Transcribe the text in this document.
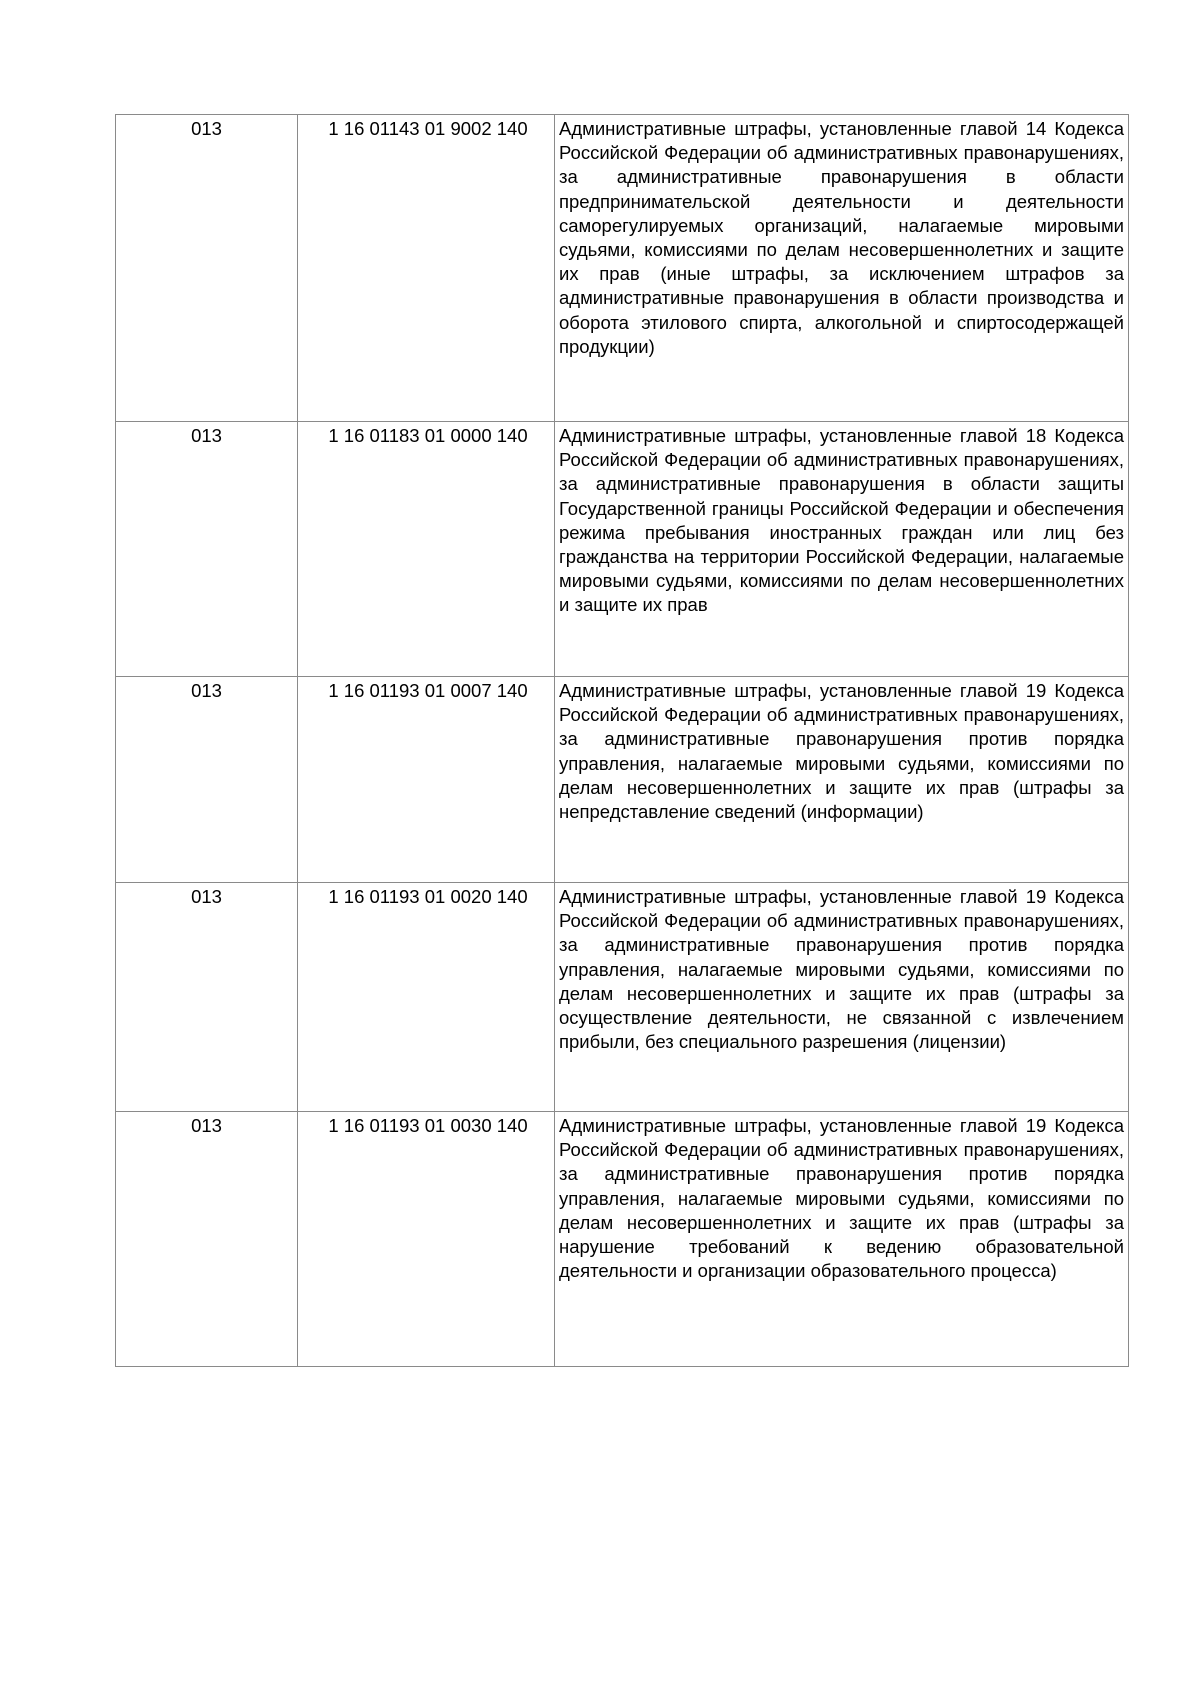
013	1 16 01143 01 9002 140	Административные штрафы, установленные главой 14 Кодекса Российской Федерации об административных правонарушениях, за административные правонарушения в области предпринимательской деятельности и деятельности саморегулируемых организаций, налагаемые мировыми судьями, комиссиями по делам несовершеннолетних и защите их прав (иные штрафы, за исключением штрафов за административные правонарушения в области производства и оборота этилового спирта, алкогольной и спиртосодержащей продукции)
013	1 16 01183 01 0000 140	Административные штрафы, установленные главой 18 Кодекса Российской Федерации об административных правонарушениях, за административные правонарушения в области защиты Государственной границы Российской Федерации и обеспечения режима пребывания иностранных граждан или лиц без гражданства на территории Российской Федерации, налагаемые мировыми судьями, комиссиями по делам несовершеннолетних и защите их прав
013	1 16 01193 01 0007 140	Административные штрафы, установленные главой 19 Кодекса Российской Федерации об административных правонарушениях, за административные правонарушения против порядка управления, налагаемые мировыми судьями, комиссиями по делам несовершеннолетних и защите их прав (штрафы за непредставление сведений (информации)
013	1 16 01193 01 0020 140	Административные штрафы, установленные главой 19 Кодекса Российской Федерации об административных правонарушениях, за административные правонарушения против порядка управления, налагаемые мировыми судьями, комиссиями по делам несовершеннолетних и защите их прав (штрафы за осуществление деятельности, не связанной с извлечением прибыли, без специального разрешения (лицензии)
013	1 16 01193 01 0030 140	Административные штрафы, установленные главой 19 Кодекса Российской Федерации об административных правонарушениях, за административные правонарушения против порядка управления, налагаемые мировыми судьями, комиссиями по делам несовершеннолетних и защите их прав (штрафы за нарушение требований к ведению образовательной деятельности и организации образовательного процесса)
